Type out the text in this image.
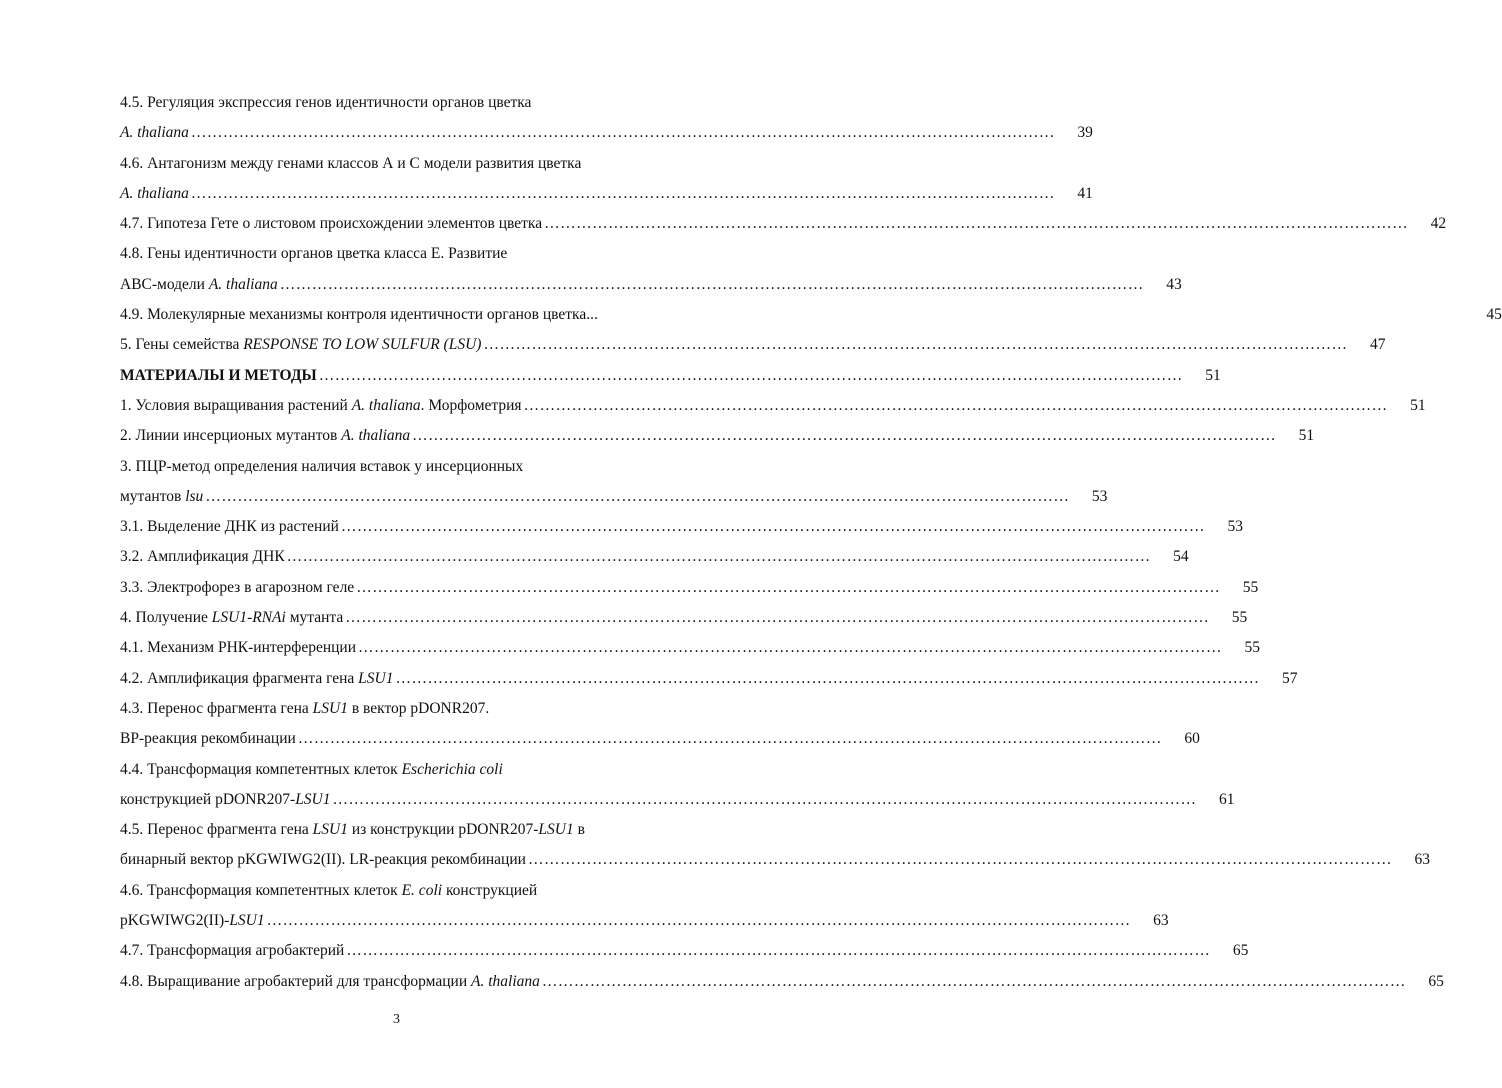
4.5. Регуляция экспрессия генов идентичности органов цветка
A. thaliana ………………………………………………………………………………………………………………………………………………	39
4.6. Антагонизм между генами классов А и С модели развития цветка
A. thaliana ………………………………………………………………………………………………………………………………………………	41
4.7. Гипотеза Гете о листовом происхождении элементов цветка ………………………………………………………………………………………………………………………………………………	42
4.8. Гены идентичности органов цветка класса Е. Развитие
ABC-модели A. thaliana ………………………………………………………………………………………………………………………………………………	43
4.9. Молекулярные механизмы контроля идентичности органов цветка...	45
5. Гены семейства RESPONSE TO LOW SULFUR (LSU) ………………………………………………………………………………………………………………………………………………	47
МАТЕРИАЛЫ И МЕТОДЫ ………………………………………………………………………………………………………………………………………………	51
1. Условия выращивания растений A. thaliana. Морфометрия ………………………………………………………………………………………………………………………………………………	51
2. Линии инсерционых мутантов A. thaliana ………………………………………………………………………………………………………………………………………………	51
3. ПЦР-метод определения наличия вставок у инсерционных
мутантов lsu ………………………………………………………………………………………………………………………………………………	53
3.1. Выделение ДНК из растений ………………………………………………………………………………………………………………………………………………	53
3.2. Амплификация ДНК ………………………………………………………………………………………………………………………………………………	54
3.3. Электрофорез в агарозном геле ………………………………………………………………………………………………………………………………………………	55
4. Получение LSU1-RNAi мутанта ………………………………………………………………………………………………………………………………………………	55
4.1. Механизм РНК-интерференции ………………………………………………………………………………………………………………………………………………	55
4.2. Амплификация фрагмента гена LSU1 ………………………………………………………………………………………………………………………………………………	57
4.3. Перенос фрагмента гена LSU1 в вектор pDONR207.
BP-реакция рекомбинации ………………………………………………………………………………………………………………………………………………	60
4.4. Трансформация компетентных клеток Escherichia coli
конструкцией pDONR207-LSU1 ………………………………………………………………………………………………………………………………………………	61
4.5. Перенос фрагмента гена LSU1 из конструкции pDONR207-LSU1 в
бинарный вектор pKGWIWG2(II). LR-реакция рекомбинации ………………………………………………………………………………………………………………………………………………	63
4.6. Трансформация компетентных клеток E. coli конструкцией
pKGWIWG2(II)-LSU1 ………………………………………………………………………………………………………………………………………………	63
4.7. Трансформация агробактерий ………………………………………………………………………………………………………………………………………………	65
4.8. Выращивание агробактерий для трансформации A. thaliana ………………………………………………………………………………………………………………………………………………	65
3
